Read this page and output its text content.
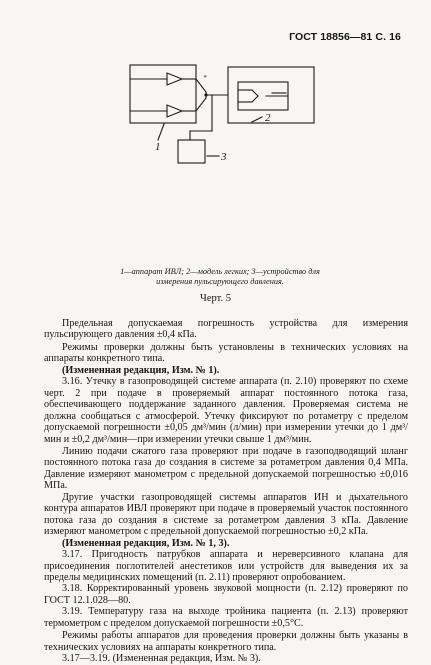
ГОСТ 18856—81 С. 16
1
2
3
*
1—аппарат ИВЛ; 2—модель легких; 3—устройство для измерения пульсирующего давления.
Черт. 5

Предельная допускаемая погрешность устройства для измерения пульсирующего давления ±0,4 кПа.

Режимы проверки должны быть установлены в технических условиях на аппараты конкретного типа.

(Измененная редакция, Изм. № 1).

3.16. Утечку в газопроводящей системе аппарата (п. 2.10) проверяют по схеме черт. 2 при подаче в проверяемый аппарат постоянного потока газа, обеспечивающего поддержание заданного давления. Проверяемая система не должна сообщаться с атмосферой. Утечку фиксируют по ротаметру с пределом допускаемой погрешности ±0,05 дм³/мин (л/мин) при измерении утечки до 1 дм³/мин и ±0,2 дм³/мин—при измерении утечки свыше 1 дм³/мин.

Линию подачи сжатого газа проверяют при подаче в газоподводящий шланг постоянного потока газа до создания в системе за ротаметром давления 0,4 МПа. Давление измеряют манометром с предельной допускаемой погрешностью ±0,016 МПа.

Другие участки газопроводящей системы аппаратов ИН и дыхательного контура аппаратов ИВЛ проверяют при подаче в проверяемый участок постоянного потока газа до создания в системе за ротаметром давления 3 кПа. Давление измеряют манометром с предельной допускаемой погрешностью ±0,2 кПа.

(Измененная редакция, Изм. № 1, 3).

3.17. Пригодность патрубков аппарата и нереверсивного клапана для присоединения поглотителей анестетиков или устройств для выведения их за пределы медицинских помещений (п. 2.11) проверяют опробованием.

3.18. Корректированный уровень звуковой мощности (п. 2.12) проверяют по ГОСТ 12.1.028—80.

3.19. Температуру газа на выходе тройника пациента (п. 2.13) проверяют термометром с пределом допускаемой погрешности ±0,5°С.

Режимы работы аппаратов для проведения проверки должны быть указаны в технических условиях на аппараты конкретного типа.

3.17—3.19. (Измененная редакция, Изм. № 3).
